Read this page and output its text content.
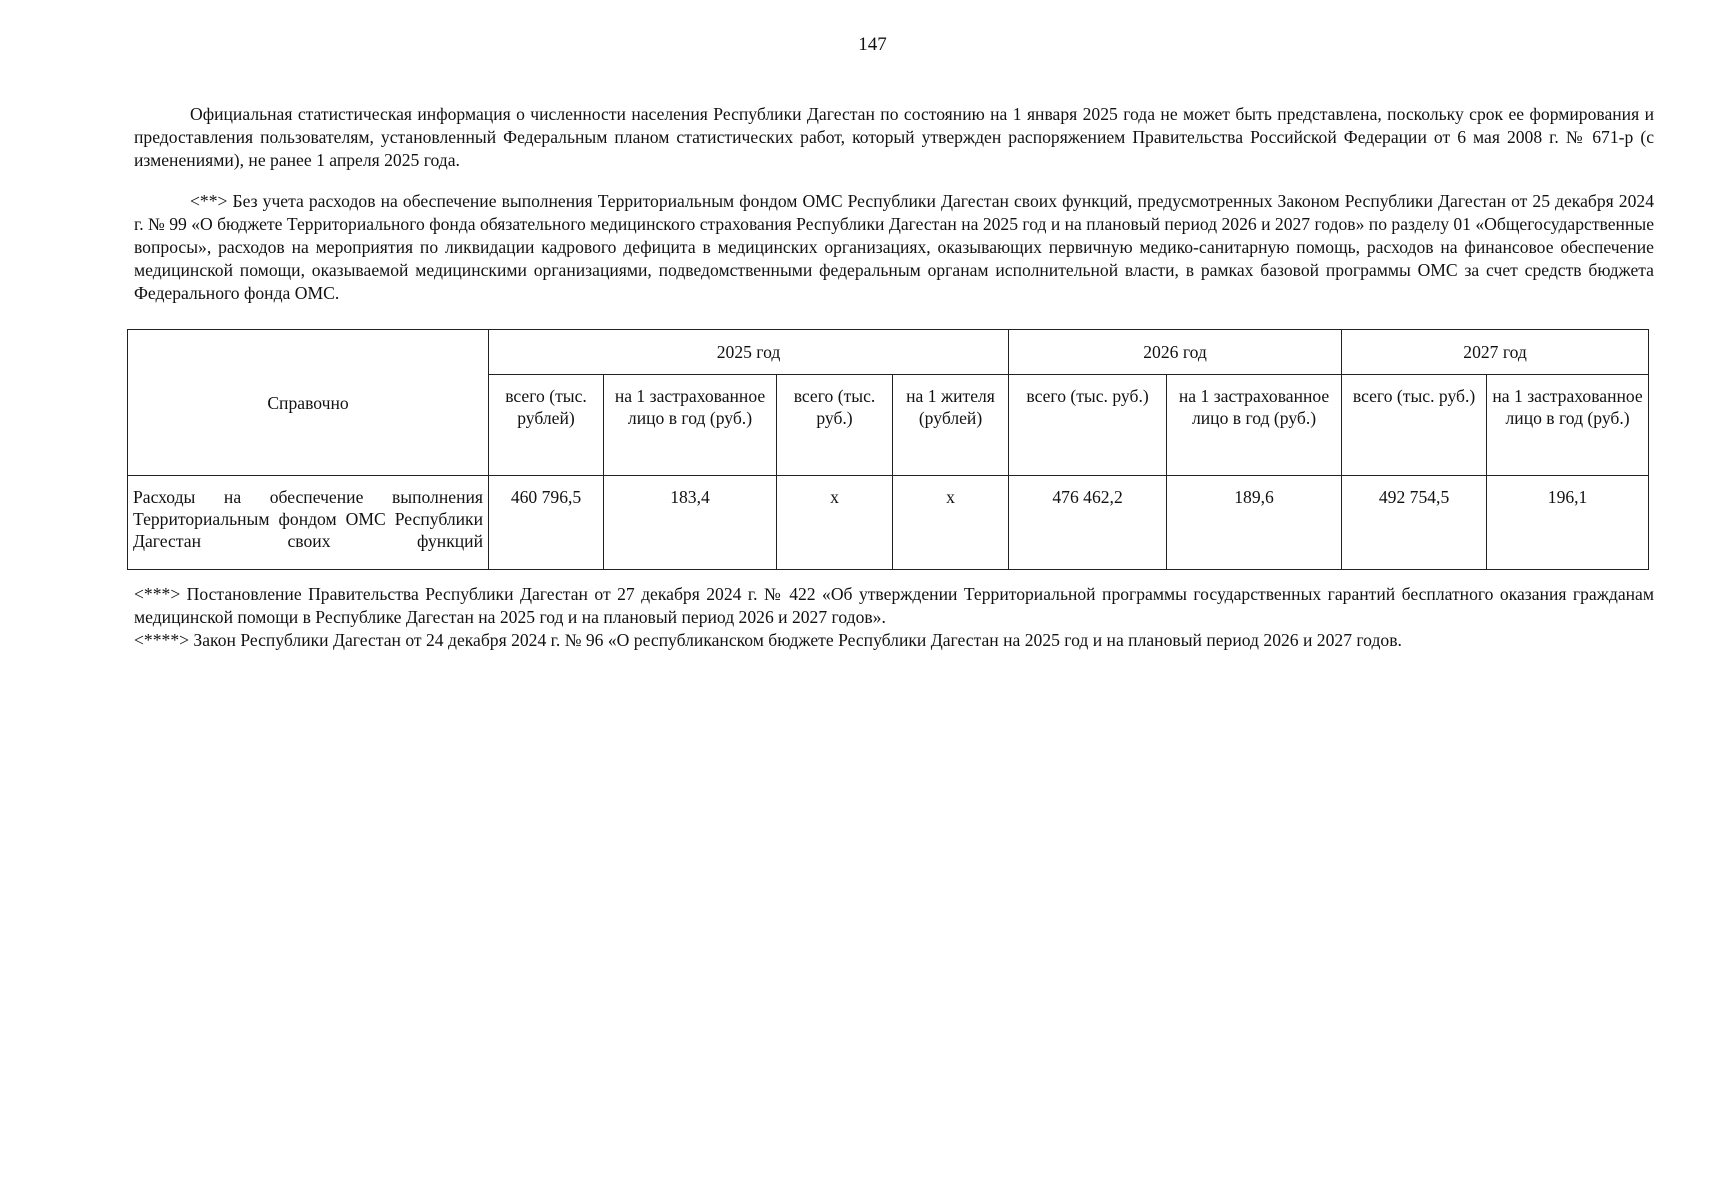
147
Официальная статистическая информация о численности населения Республики Дагестан по состоянию на 1 января 2025 года не может быть представлена, поскольку срок ее формирования и предоставления пользователям, установленный Федеральным планом статистических работ, который утвержден распоряжением Правительства Российской Федерации от 6 мая 2008 г. № 671-р (с изменениями), не ранее 1 апреля 2025 года.
<**> Без учета расходов на обеспечение выполнения Территориальным фондом ОМС Республики Дагестан своих функций, предусмотренных Законом Республики Дагестан от 25 декабря 2024 г. № 99 «О бюджете Территориального фонда обязательного медицинского страхования Республики Дагестан на 2025 год и на плановый период 2026 и 2027 годов» по разделу 01 «Общегосударственные вопросы», расходов на мероприятия по ликвидации кадрового дефицита в медицинских организациях, оказывающих первичную медико-санитарную помощь, расходов на финансовое обеспечение медицинской помощи, оказываемой медицинскими организациями, подведомственными федеральным органам исполнительной власти, в рамках базовой программы ОМС за счет средств бюджета Федерального фонда ОМС.
Справочно	2025 год				2026 год		2027 год	
	всего (тыс. рублей)	на 1 застрахованное лицо в год (руб.)	всего (тыс. руб.)	на 1 жителя (рублей)	всего (тыс. руб.)	на 1 застрахованное лицо в год (руб.)	всего (тыс. руб.)	на 1 застрахованное лицо в год (руб.)
Расходы на обеспечение выполнения Территориальным фондом ОМС Республики Дагестан своих функций	460 796,5	183,4	х	х	476 462,2	189,6	492 754,5	196,1
<***> Постановление Правительства Республики Дагестан от 27 декабря 2024 г. № 422 «Об утверждении Территориальной программы государственных гарантий бесплатного оказания гражданам медицинской помощи в Республике Дагестан на 2025 год и на плановый период 2026 и 2027 годов».
<****> Закон Республики Дагестан от 24 декабря 2024 г. № 96 «О республиканском бюджете Республики Дагестан на 2025 год и на плановый период 2026 и 2027 годов.
